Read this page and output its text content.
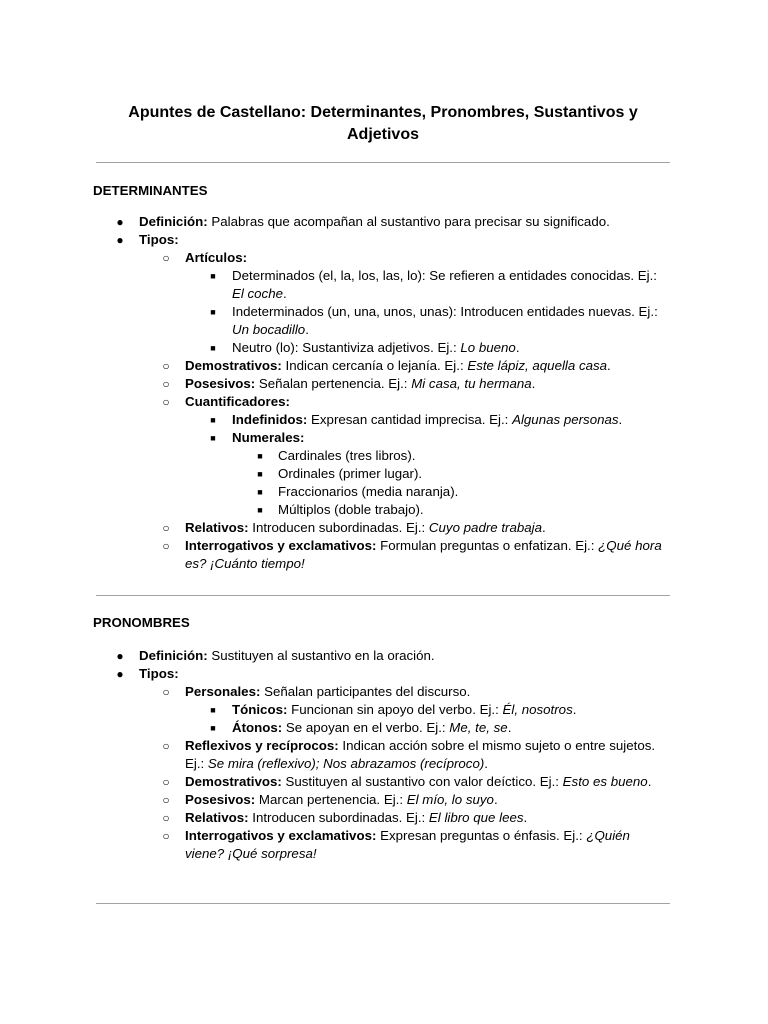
Apuntes de Castellano: Determinantes, Pronombres, Sustantivos y Adjetivos
DETERMINANTES
● Definición: Palabras que acompañan al sustantivo para precisar su significado.
● Tipos:
○ Artículos:
■	Determinados (el, la, los, las, lo): Se refieren a entidades conocidas. Ej.: El coche.
■	Indeterminados (un, una, unos, unas): Introducen entidades nuevas. Ej.: Un bocadillo.
■	Neutro (lo): Sustantiviza adjetivos. Ej.: Lo bueno.
○ Demostrativos: Indican cercanía o lejanía. Ej.: Este lápiz, aquella casa.
○ Posesivos: Señalan pertenencia. Ej.: Mi casa, tu hermana.
○ Cuantificadores:
■	Indefinidos: Expresan cantidad imprecisa. Ej.: Algunas personas.
■	Numerales:
■	Cardinales (tres libros).
■	Ordinales (primer lugar).
■	Fraccionarios (media naranja).
■	Múltiplos (doble trabajo).
○ Relativos: Introducen subordinadas. Ej.: Cuyo padre trabaja.
○ Interrogativos y exclamativos: Formulan preguntas o enfatizan. Ej.: ¿Qué hora es? ¡Cuánto tiempo!
PRONOMBRES
● Definición: Sustituyen al sustantivo en la oración.
● Tipos:
○ Personales: Señalan participantes del discurso.
■	Tónicos: Funcionan sin apoyo del verbo. Ej.: Él, nosotros.
■	Átonos: Se apoyan en el verbo. Ej.: Me, te, se.
○ Reflexivos y recíprocos: Indican acción sobre el mismo sujeto o entre sujetos. Ej.: Se mira (reflexivo); Nos abrazamos (recíproco).
○ Demostrativos: Sustituyen al sustantivo con valor deíctico. Ej.: Esto es bueno.
○ Posesivos: Marcan pertenencia. Ej.: El mío, lo suyo.
○ Relativos: Introducen subordinadas. Ej.: El libro que lees.
○ Interrogativos y exclamativos: Expresan preguntas o énfasis. Ej.: ¿Quién viene? ¡Qué sorpresa!
